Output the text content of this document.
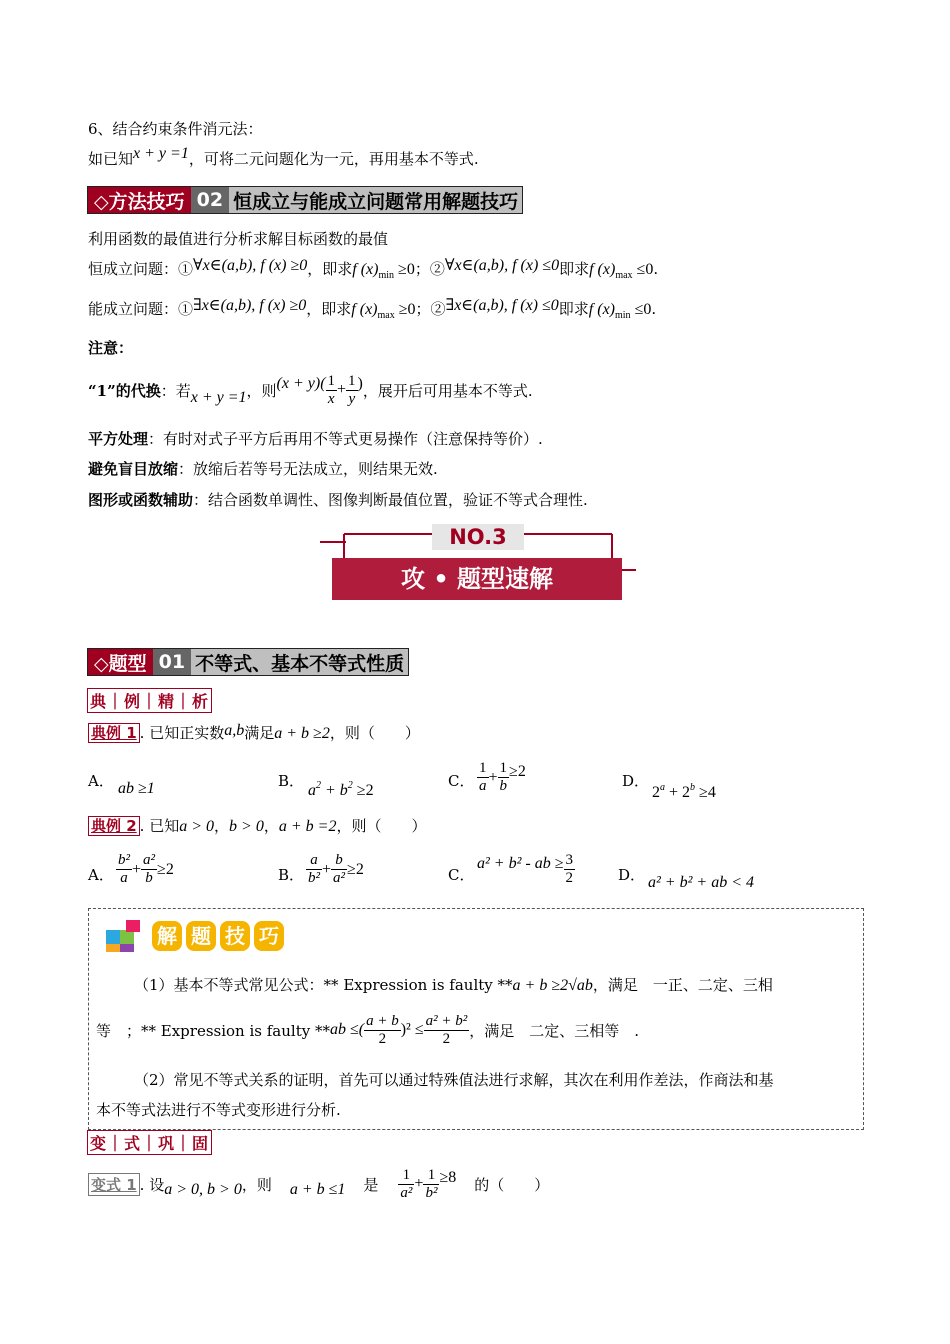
6、结合约束条件消元法：
如已知x + y =1，可将二元问题化为一元，再用基本不等式.
◇方法技巧 02 恒成立与能成立问题常用解题技巧
利用函数的最值进行分析求解目标函数的最值
恒成立问题：①∀x∈(a,b), f (x) ≥0，即求f $(x)_{min} \ge 0$；②∀x∈(a,b), f (x) ≤0即求f $(x)_{max} \le 0$.
能成立问题：①∃x∈(a,b), f (x) ≥0，即求f $(x)_{max} \ge 0$；②∃x∈(a,b), f (x) ≤0即求f $(x)_{min} \le 0$.
注意：
“1”的代换 ：若 x + y =1 ，则 $(x + y)( \frac{1}{x} + \frac{1}{y}$ ) ，展开后可用基本不等式.
平方处理：有时对式子平方后再用不等式更易操作（注意保持等价）.
避免盲目放缩：放缩后若等号无法成立，则结果无效.
图形或函数辅助：结合函数单调性、图像判断最值位置，验证不等式合理性.
NO.3
攻 • 题型速解
◇题型 01 不等式、基本不等式性质
典｜例｜精｜析
典例 1 . 已知正实数a,b满足a + b ≥2，则（　　）
A． ab ≥1	B．
$a^2 + b^2 \ge 2$
C． $\frac{1}{a} + \frac{1}{b} \ge 2$
D．
$2^a + 2^b \ge 4$
典例 2 . 已知a > 0，b > 0，a + b =2，则（　　）
A． $\frac{\text{b²}}{a} + \frac{\text{a²}}{b} \ge 2$	B． $\frac{a}{\text{b²}} + \frac{b}{\text{a²}} \ge 2$	C．
a² + b² - ab ≥ $\frac{3}{2}$	D． a² + b² + ab < 4
解 题 技 巧
（1）基本不等式常见公式：** Expression is faulty **a + b ≥2√ab，满足　一正、二定、三相
等　；** Expression is faulty ** ab ≤( $\frac{a + b}{2} )^2 \le \frac{\text{a² + b²}}{2}$ ，满足　二定、三相等　.
（2）常见不等式关系的证明，首先可以通过特殊值法进行求解，其次在利用作差法，作商法和基
本不等式法进行不等式变形进行分析.
变｜式｜巩｜固
变式 1 . 设 a > 0, b > 0 ，则	a + b ≤1	是	$\frac{1}{\text{a²}} + \frac{1}{\text{b²}} \ge 8$	的（　　）
